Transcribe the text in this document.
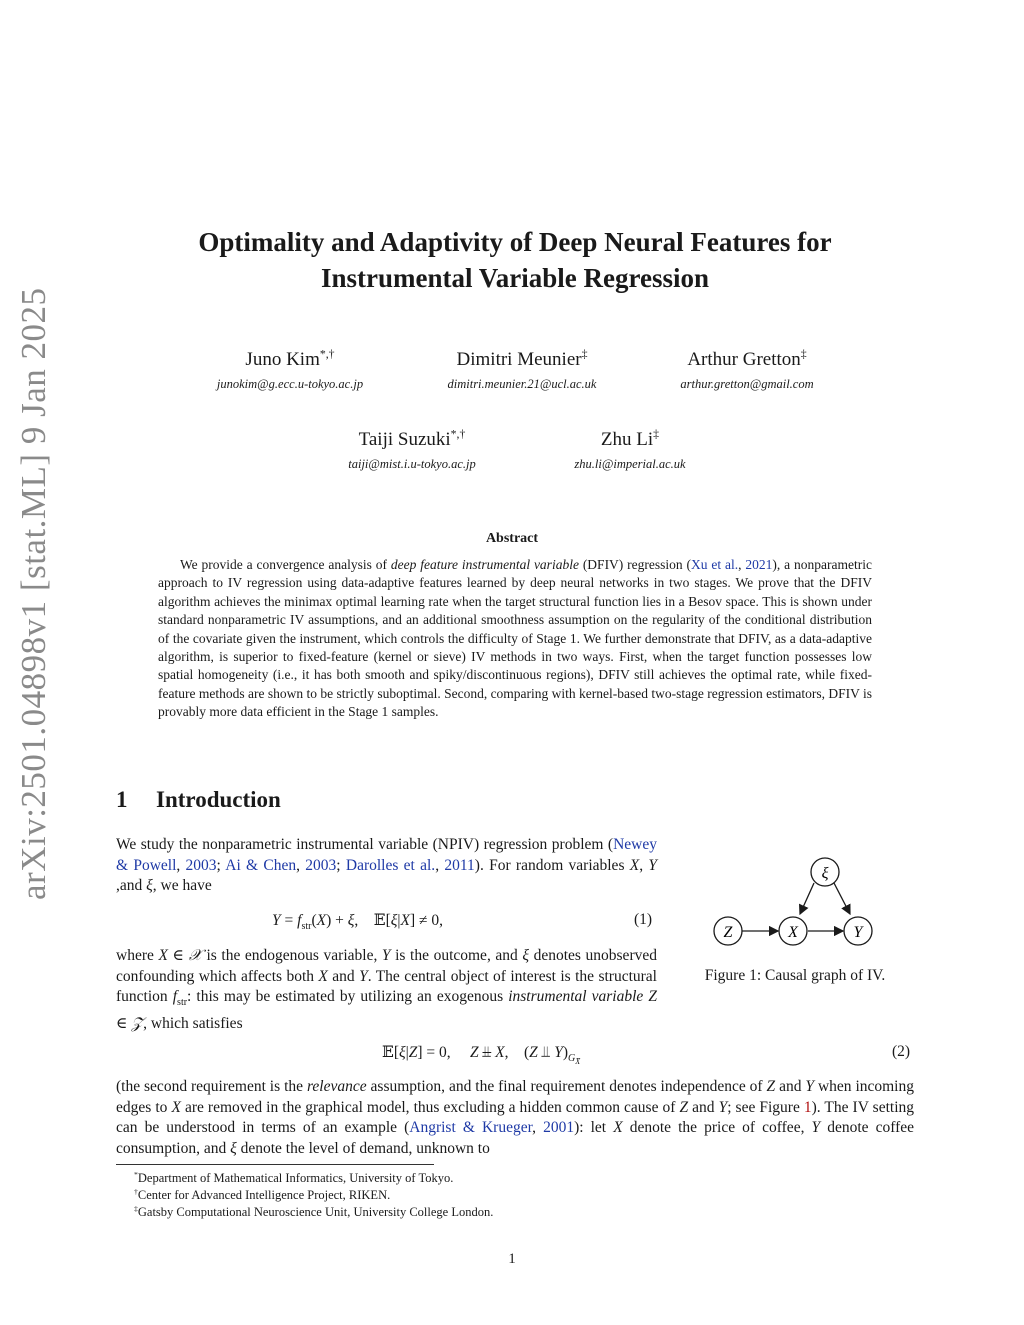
arXiv:2501.04898v1 [stat.ML] 9 Jan 2025
Optimality and Adaptivity of Deep Neural Features for
Instrumental Variable Regression
Juno Kim*,†
junokim@g.ecc.u-tokyo.ac.jp
Dimitri Meunier‡
dimitri.meunier.21@ucl.ac.uk
Arthur Gretton‡
arthur.gretton@gmail.com
Taiji Suzuki*,†
taiji@mist.i.u-tokyo.ac.jp
Zhu Li‡
zhu.li@imperial.ac.uk
Abstract
We provide a convergence analysis of deep feature instrumental variable (DFIV) regression (Xu et al., 2021), a nonparametric approach to IV regression using data-adaptive features learned by deep neural networks in two stages. We prove that the DFIV algorithm achieves the minimax optimal learning rate when the target structural function lies in a Besov space. This is shown under standard nonparametric IV assumptions, and an additional smoothness assumption on the regularity of the conditional distribution of the covariate given the instrument, which controls the difficulty of Stage 1. We further demonstrate that DFIV, as a data-adaptive algorithm, is superior to fixed-feature (kernel or sieve) IV methods in two ways. First, when the target function possesses low spatial homogeneity (i.e., it has both smooth and spiky/discontinuous regions), DFIV still achieves the optimal rate, while fixed-feature methods are shown to be strictly suboptimal. Second, comparing with kernel-based two-stage regression estimators, DFIV is provably more data efficient in the Stage 1 samples.
1 Introduction
We study the nonparametric instrumental variable (NPIV) regression problem (Newey & Powell, 2003; Ai & Chen, 2003; Darolles et al., 2011). For random variables X, Y ,and ξ, we have
$Y = f_{str}(X) + \xi$,    𝔼[ξ|X] ≠ 0,	(1)
where X ∈ 𝒳 is the endogenous variable, Y is the outcome, and ξ denotes unobserved confounding which affects both X and Y. The central object of interest is the structural function $f_{str}$: this may be estimated by utilizing an exogenous instrumental variable Z ∈ 𝒵, which satisfies
𝔼[ξ|Z] = 0,     Z ⫫ X,    (Z ⫫ $Y)_{G_{X̄}}$
(2)
(the second requirement is the relevance assumption, and the final requirement denotes independence of Z and Y when incoming edges to X are removed in the graphical model, thus excluding a hidden common cause of Z and Y; see Figure 1). The IV setting can be understood in terms of an example (Angrist & Krueger, 2001): let X denote the price of coffee, Y denote coffee consumption, and ξ denote the level of demand, unknown to
ξ
Z	X	Y
Figure 1: Causal graph of IV.
*Department of Mathematical Informatics, University of Tokyo.
†Center for Advanced Intelligence Project, RIKEN.
‡Gatsby Computational Neuroscience Unit, University College London.
1
